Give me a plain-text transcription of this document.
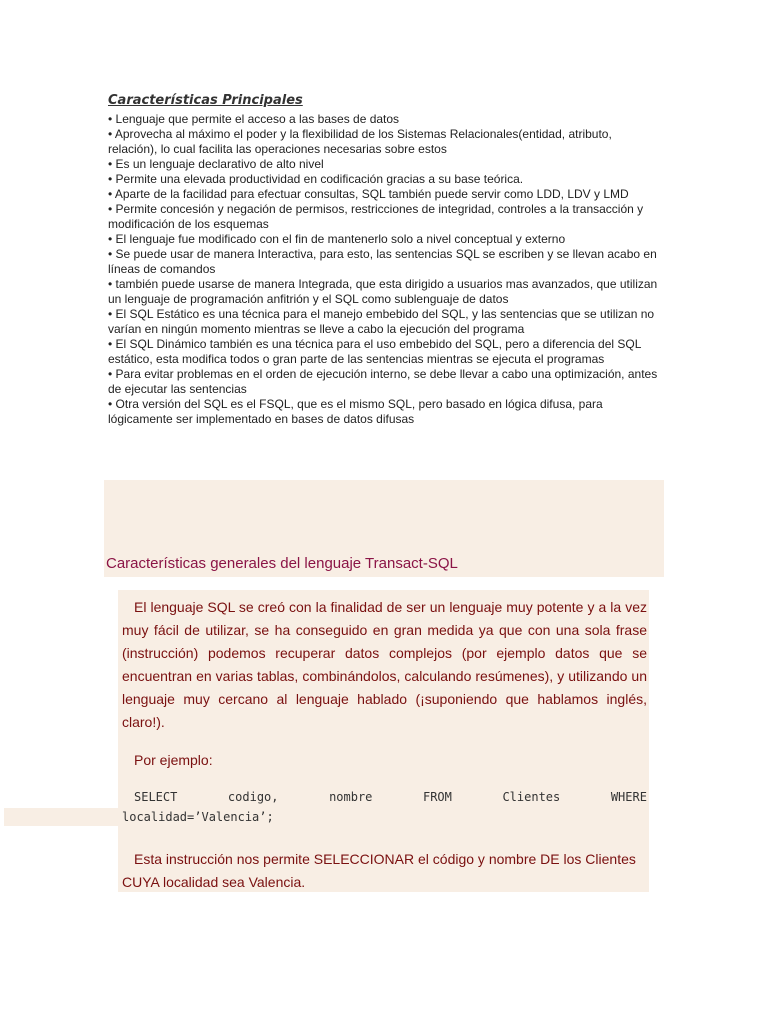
Características Principales
• Lenguaje que permite el acceso a las bases de datos
• Aprovecha al máximo el poder y la flexibilidad de los Sistemas Relacionales(entidad, atributo, relación), lo cual facilita las operaciones necesarias sobre estos
• Es un lenguaje declarativo de alto nivel
• Permite una elevada productividad en codificación gracias a su base teórica.
• Aparte de la facilidad para efectuar consultas, SQL también puede servir como LDD, LDV y LMD
• Permite concesión y negación de permisos, restricciones de integridad, controles a la transacción y modificación de los esquemas
• El lenguaje fue modificado con el fin de mantenerlo solo a nivel conceptual y externo
• Se puede usar de manera Interactiva, para esto, las sentencias SQL se escriben y se llevan acabo en líneas de comandos
• también puede usarse de manera Integrada, que esta dirigido a usuarios mas avanzados, que utilizan un lenguaje de programación anfitrión y el SQL como sublenguaje de datos
• El SQL Estático es una técnica para el manejo embebido del SQL, y las sentencias que se utilizan no varían en ningún momento mientras se lleve a cabo la ejecución del programa
• El SQL Dinámico también es una técnica para el uso embebido del SQL, pero a diferencia del SQL estático, esta modifica todos o gran parte de las sentencias mientras se ejecuta el programas
• Para evitar problemas en el orden de ejecución interno, se debe llevar a cabo una optimización, antes de ejecutar las sentencias
• Otra versión del SQL es el FSQL, que es el mismo SQL, pero basado en lógica difusa, para lógicamente ser implementado en bases de datos difusas
Características generales del lenguaje Transact-SQL

El lenguaje SQL se creó con la finalidad de ser un lenguaje muy potente y a la vez muy fácil de utilizar, se ha conseguido en gran medida ya que con una sola frase (instrucción) podemos recuperar datos complejos (por ejemplo datos que se encuentran en varias tablas, combinándolos, calculando resúmenes), y utilizando un lenguaje muy cercano al lenguaje hablado (¡suponiendo que hablamos inglés, claro!).

Por ejemplo:

SELECT	codigo,	nombre	FROM	Clientes	WHERE
localidad=’Valencia’;

Esta instrucción nos permite SELECCIONAR el código y nombre DE los Clientes CUYA localidad sea Valencia.
